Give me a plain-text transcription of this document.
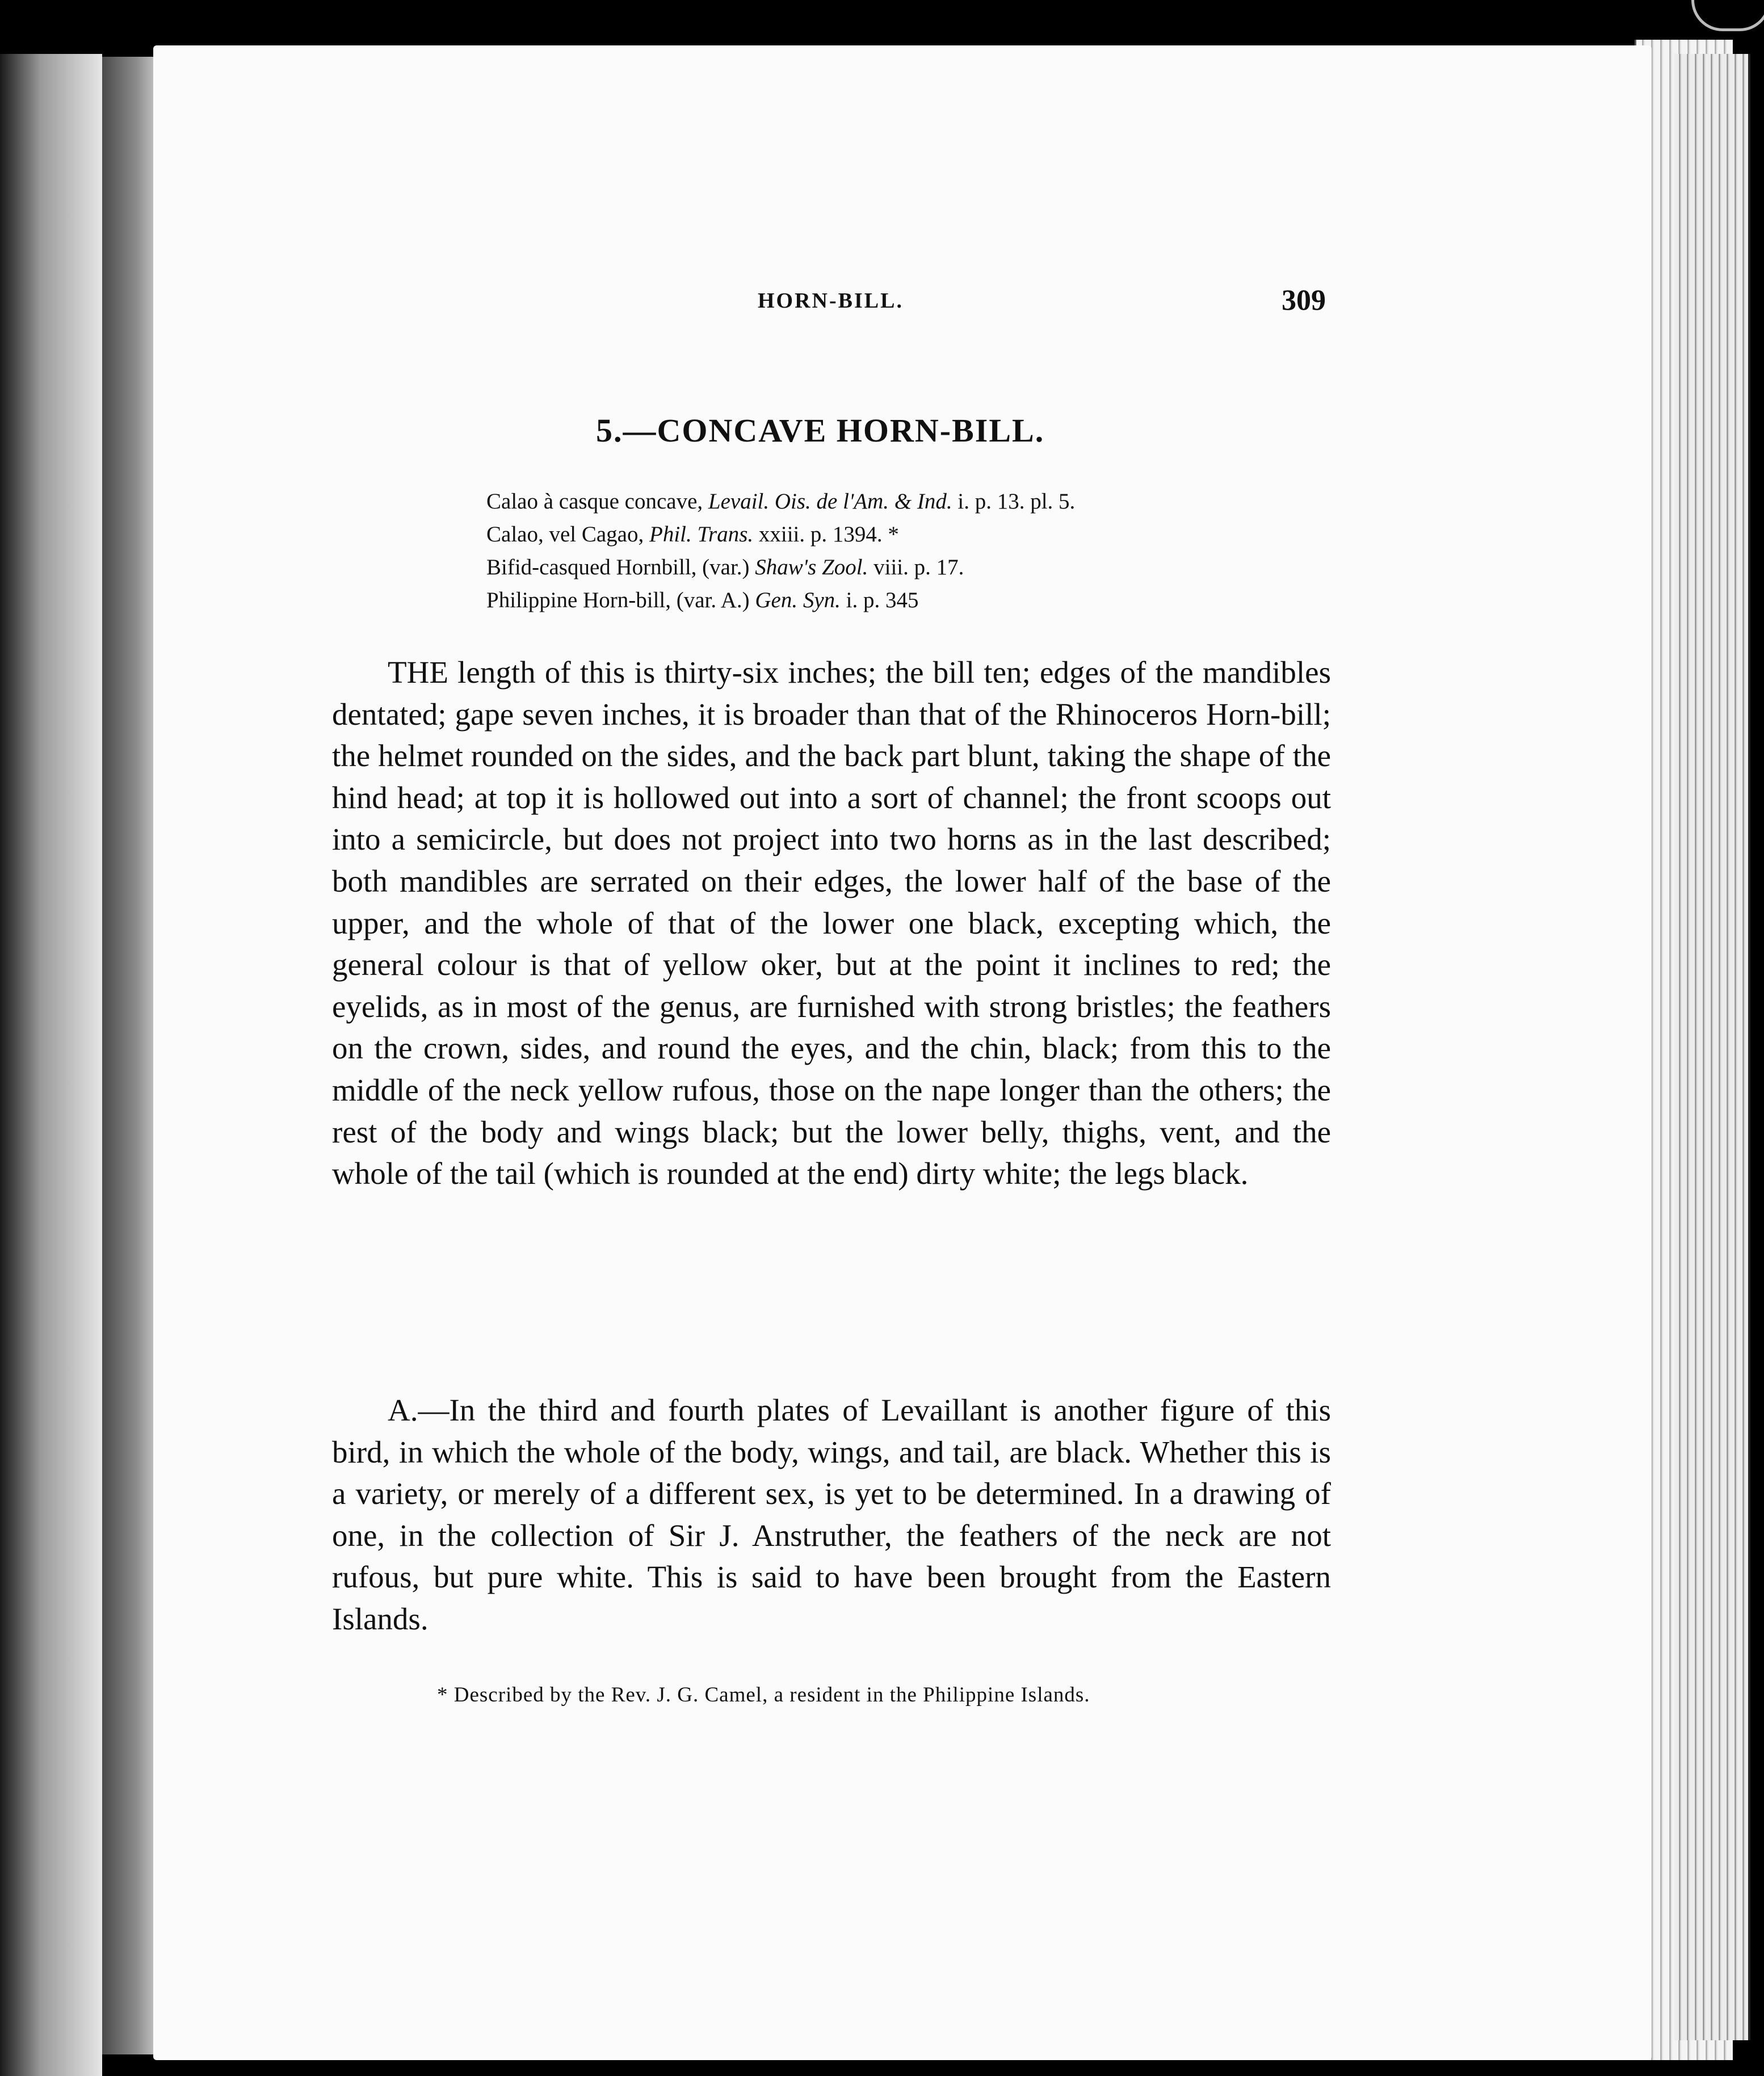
HORN-BILL.	309
5.—CONCAVE HORN-BILL.
Calao à casque concave, Levail. Ois. de l'Am. & Ind. i. p. 13. pl. 5.
Calao, vel Cagao, Phil. Trans. xxiii. p. 1394. *
Bifid-casqued Hornbill, (var.) Shaw's Zool. viii. p. 17.
Philippine Horn-bill, (var. A.) Gen. Syn. i. p. 345
THE length of this is thirty-six inches; the bill ten; edges of the mandibles dentated; gape seven inches, it is broader than that of the Rhinoceros Horn-bill; the helmet rounded on the sides, and the back part blunt, taking the shape of the hind head; at top it is hollowed out into a sort of channel; the front scoops out into a semicircle, but does not project into two horns as in the last described; both mandibles are serrated on their edges, the lower half of the base of the upper, and the whole of that of the lower one black, excepting which, the general colour is that of yellow oker, but at the point it inclines to red; the eyelids, as in most of the genus, are furnished with strong bristles; the feathers on the crown, sides, and round the eyes, and the chin, black; from this to the middle of the neck yellow rufous, those on the nape longer than the others; the rest of the body and wings black; but the lower belly, thighs, vent, and the whole of the tail (which is rounded at the end) dirty white; the legs black.
A.—In the third and fourth plates of Levaillant is another figure of this bird, in which the whole of the body, wings, and tail, are black. Whether this is a variety, or merely of a different sex, is yet to be determined. In a drawing of one, in the collection of Sir J. Anstruther, the feathers of the neck are not rufous, but pure white. This is said to have been brought from the Eastern Islands.
* Described by the Rev. J. G. Camel, a resident in the Philippine Islands.
